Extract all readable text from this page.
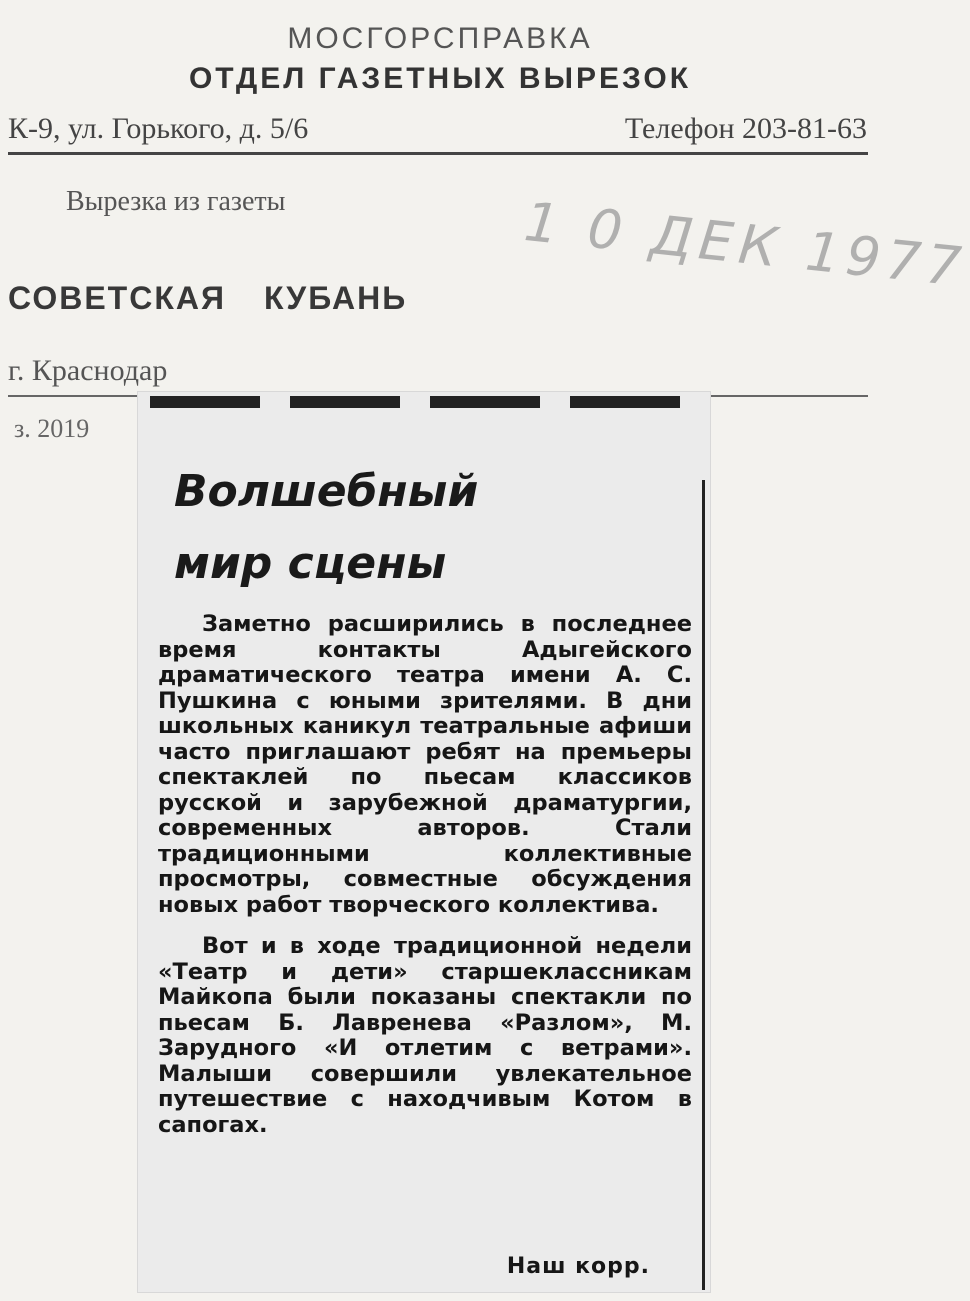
МОСГОРСПРАВКА
ОТДЕЛ ГАЗЕТНЫХ ВЫРЕЗОК
К-9, ул. Горького, д. 5/6	Телефон 203-81-63
Вырезка из газеты	1 0 ДЕК 1977
СОВЕТСКАЯ КУБАНЬ
г. Краснодар
з. 2019
Волшебный
мир сцены

Заметно расширились в последнее время контакты Адыгейского драматического театра имени А. С. Пушкина с юными зрителями. В дни школьных каникул театральные афиши часто приглашают ребят на премьеры спектаклей по пьесам классиков русской и зарубежной драматургии, современных авторов. Стали традиционными коллективные просмотры, совместные обсуждения новых работ творческого коллектива.

Вот и в ходе традиционной недели «Театр и дети» старшеклассникам Майкопа были показаны спектакли по пьесам Б. Лавренева «Разлом», М. Зарудного «И отлетим с ветрами». Малыши совершили увлекательное путешествие с находчивым Котом в сапогах.

Наш корр.
